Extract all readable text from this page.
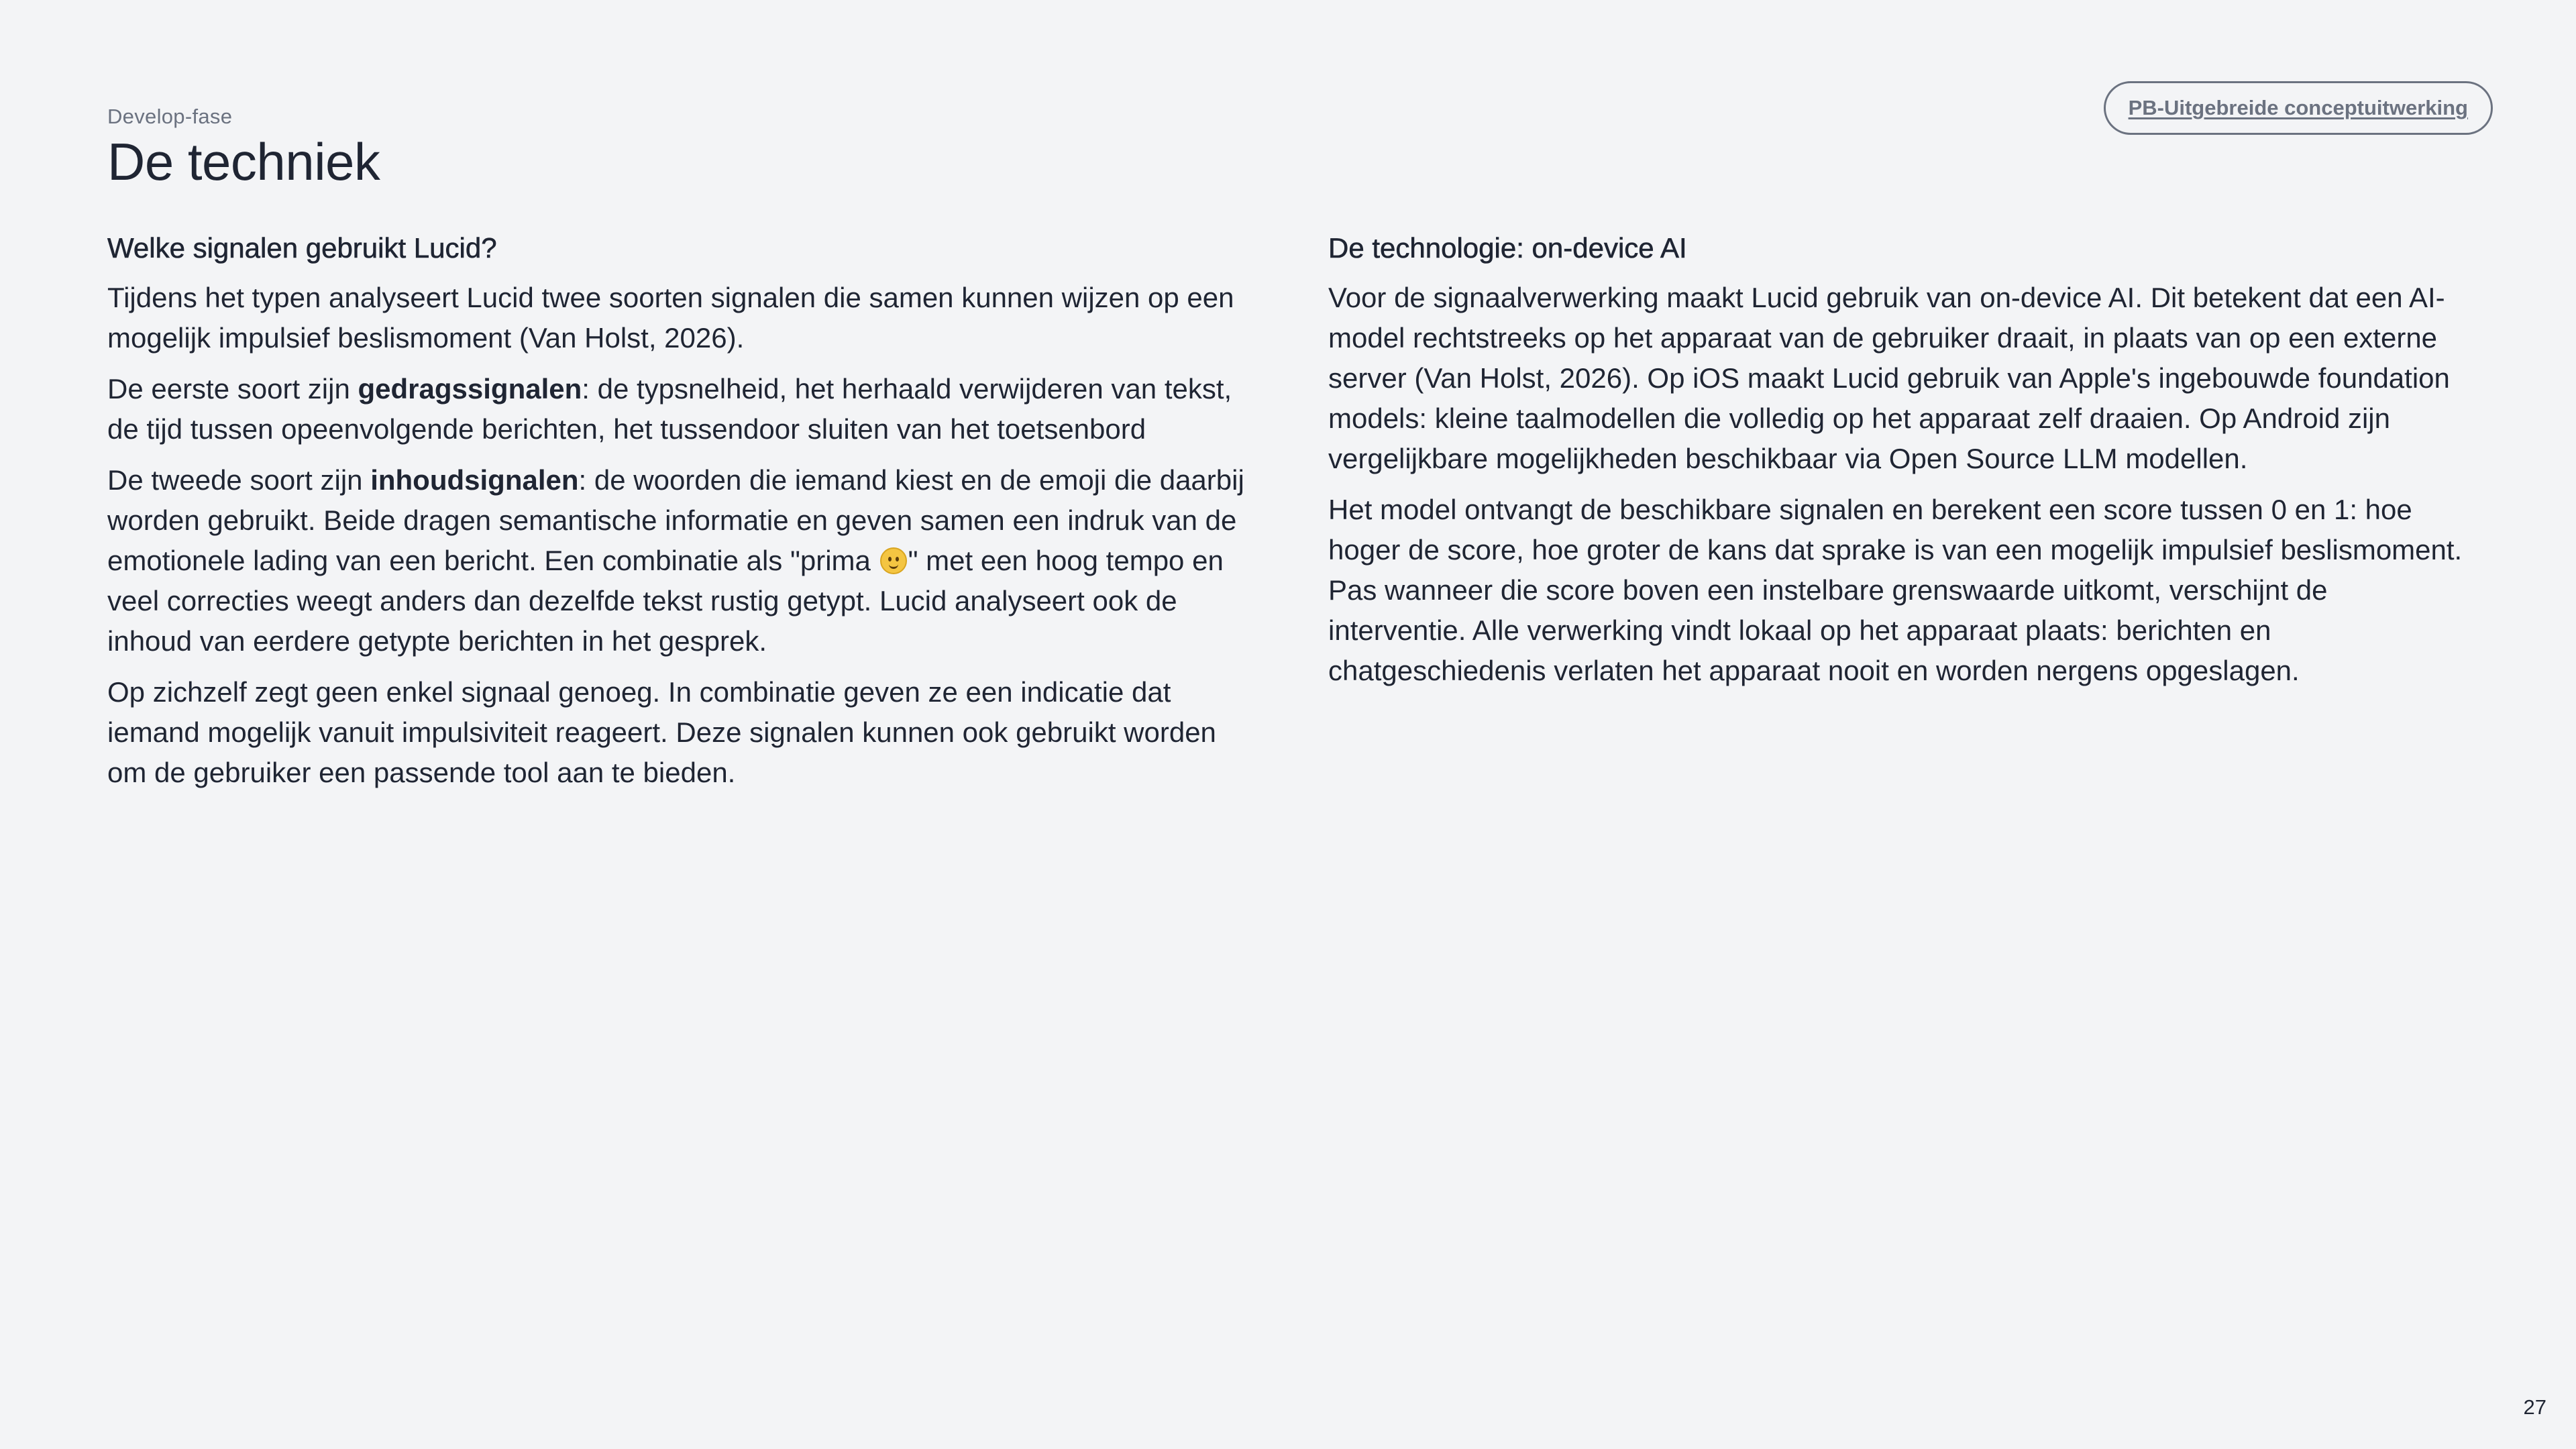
Develop-fase
De techniek
PB-Uitgebreide conceptuitwerking
Welke signalen gebruikt Lucid?

Tijdens het typen analyseert Lucid twee soorten signalen die samen kunnen wijzen op een mogelijk impulsief beslismoment (Van Holst, 2026).

De eerste soort zijn gedragssignalen: de typsnelheid, het herhaald verwijderen van tekst, de tijd tussen opeenvolgende berichten, het tussendoor sluiten van het toetsenbord

De tweede soort zijn inhoudsignalen: de woorden die iemand kiest en de emoji die daarbij worden gebruikt. Beide dragen semantische informatie en geven samen een indruk van de emotionele lading van een bericht. Een combinatie als "prima
" met een hoog tempo en veel correcties weegt anders dan dezelfde tekst rustig getypt. Lucid analyseert ook de inhoud van eerdere getypte berichten in het gesprek.

Op zichzelf zegt geen enkel signaal genoeg. In combinatie geven ze een indicatie dat iemand mogelijk vanuit impulsiviteit reageert. Deze signalen kunnen ook gebruikt worden om de gebruiker een passende tool aan te bieden.

De technologie: on-device AI

Voor de signaalverwerking maakt Lucid gebruik van on-device AI. Dit betekent dat een AI-model rechtstreeks op het apparaat van de gebruiker draait, in plaats van op een externe server (Van Holst, 2026). Op iOS maakt Lucid gebruik van Apple's ingebouwde foundation models: kleine taalmodellen die volledig op het apparaat zelf draaien. Op Android zijn vergelijkbare mogelijkheden beschikbaar via Open Source LLM modellen.

Het model ontvangt de beschikbare signalen en berekent een score tussen 0 en 1: hoe hoger de score, hoe groter de kans dat sprake is van een mogelijk impulsief beslismoment. Pas wanneer die score boven een instelbare grenswaarde uitkomt, verschijnt de interventie. Alle verwerking vindt lokaal op het apparaat plaats: berichten en chatgeschiedenis verlaten het apparaat nooit en worden nergens opgeslagen.

27
